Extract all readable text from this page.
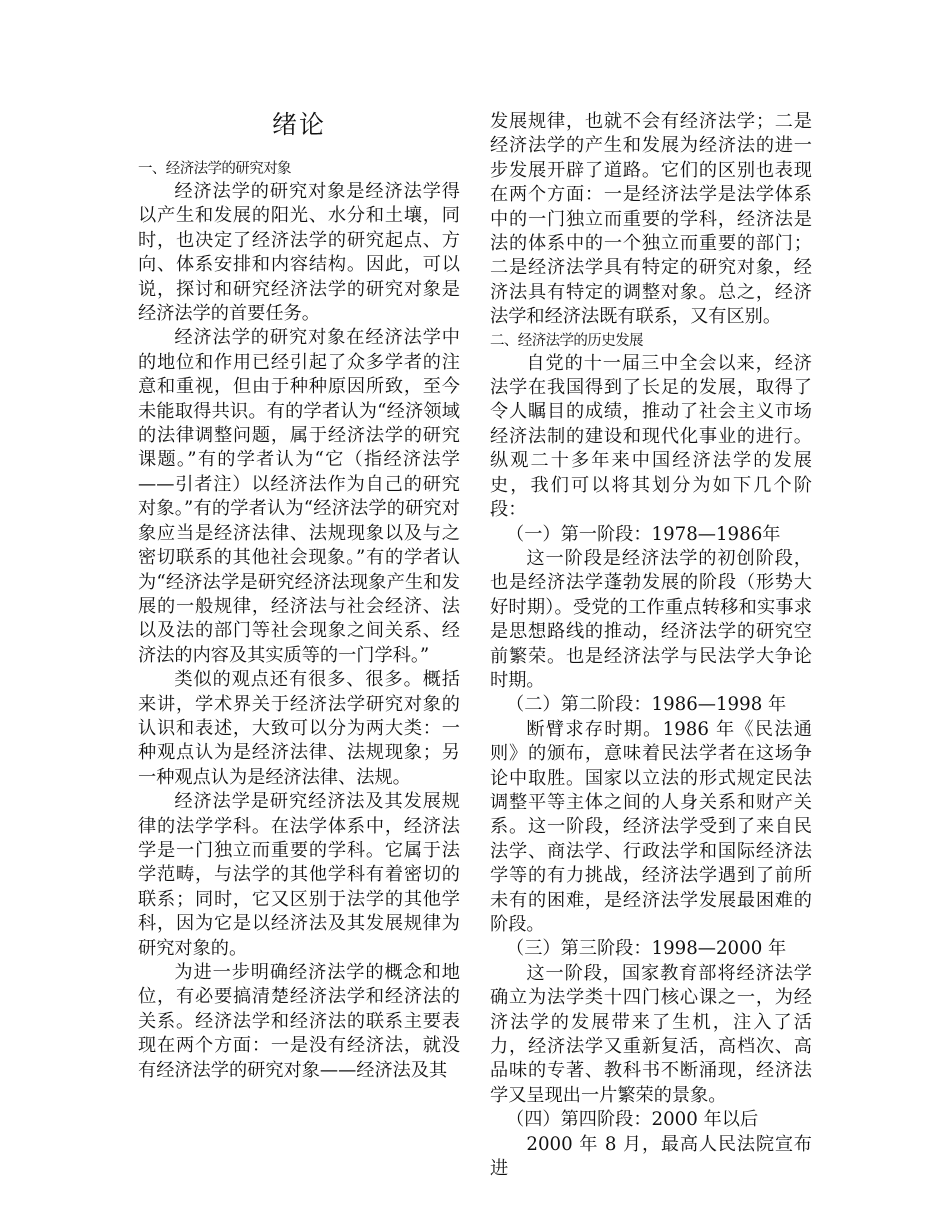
绪论
一、经济法学的研究对象

经济法学的研究对象是经济法学得以产生和发展的阳光、水分和土壤，同时，也决定了经济法学的研究起点、方向、体系安排和内容结构。因此，可以说，探讨和研究经济法学的研究对象是经济法学的首要任务。

经济法学的研究对象在经济法学中的地位和作用已经引起了众多学者的注意和重视，但由于种种原因所致，至今未能取得共识。有的学者认为“经济领域的法律调整问题，属于经济法学的研究课题。”有的学者认为“它（指经济法学——引者注）以经济法作为自己的研究对象。”有的学者认为“经济法学的研究对象应当是经济法律、法规现象以及与之密切联系的其他社会现象。”有的学者认为“经济法学是研究经济法现象产生和发展的一般规律，经济法与社会经济、法以及法的部门等社会现象之间关系、经济法的内容及其实质等的一门学科。”

类似的观点还有很多、很多。概括来讲，学术界关于经济法学研究对象的认识和表述，大致可以分为两大类：一种观点认为是经济法律、法规现象；另一种观点认为是经济法律、法规。

经济法学是研究经济法及其发展规律的法学学科。在法学体系中，经济法学是一门独立而重要的学科。它属于法学范畴，与法学的其他学科有着密切的联系；同时，它又区别于法学的其他学科，因为它是以经济法及其发展规律为研究对象的。

为进一步明确经济法学的概念和地位，有必要搞清楚经济法学和经济法的关系。经济法学和经济法的联系主要表现在两个方面：一是没有经济法，就没有经济法学的研究对象——经济法及其

发展规律，也就不会有经济法学；二是经济法学的产生和发展为经济法的进一步发展开辟了道路。它们的区别也表现在两个方面：一是经济法学是法学体系中的一门独立而重要的学科，经济法是法的体系中的一个独立而重要的部门；二是经济法学具有特定的研究对象，经济法具有特定的调整对象。总之，经济法学和经济法既有联系，又有区别。

二、经济法学的历史发展

自党的十一届三中全会以来，经济法学在我国得到了长足的发展，取得了令人瞩目的成绩，推动了社会主义市场经济法制的建设和现代化事业的进行。纵观二十多年来中国经济法学的发展史，我们可以将其划分为如下几个阶段：

（一）第一阶段：1978—1986年

这一阶段是经济法学的初创阶段，也是经济法学蓬勃发展的阶段（形势大好时期）。受党的工作重点转移和实事求是思想路线的推动，经济法学的研究空前繁荣。也是经济法学与民法学大争论时期。

（二）第二阶段：1986—1998 年

断臂求存时期。1986 年《民法通则》的颁布，意味着民法学者在这场争论中取胜。国家以立法的形式规定民法调整平等主体之间的人身关系和财产关系。这一阶段，经济法学受到了来自民法学、商法学、行政法学和国际经济法学等的有力挑战，经济法学遇到了前所未有的困难，是经济法学发展最困难的阶段。

（三）第三阶段：1998—2000 年

这一阶段，国家教育部将经济法学确立为法学类十四门核心课之一，为经济法学的发展带来了生机，注入了活力，经济法学又重新复活，高档次、高品味的专著、教科书不断涌现，经济法学又呈现出一片繁荣的景象。

（四）第四阶段：2000 年以后

2000 年 8 月，最高人民法院宣布进
